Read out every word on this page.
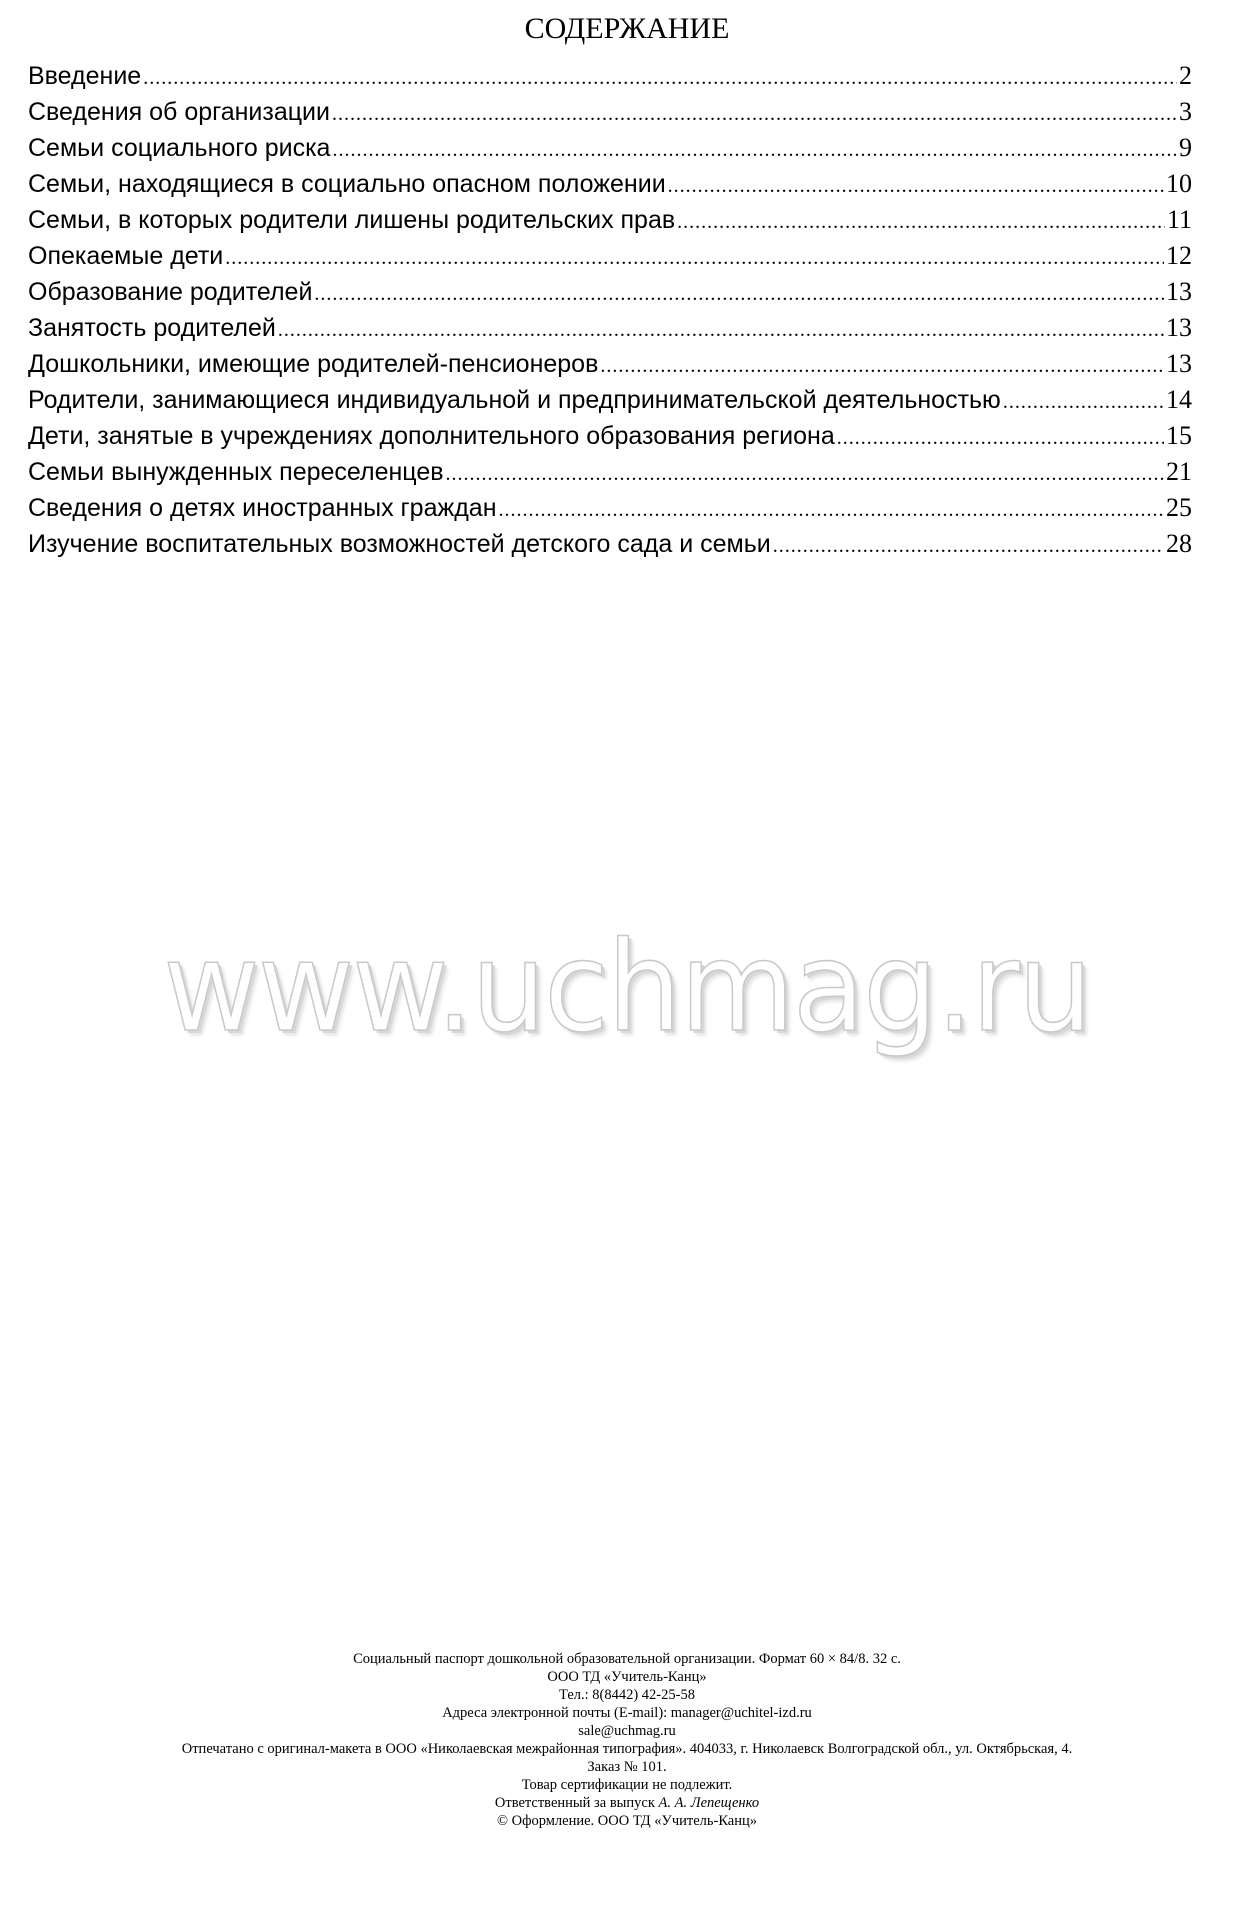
СОДЕРЖАНИЕ
Введение .....	2
Сведения об организации .....	3
Семьи социального риска .....	9
Семьи, находящиеся в социально опасном положении .....	10
Семьи, в которых родители лишены родительских прав .....	11
Опекаемые дети .....	12
Образование родителей .....	13
Занятость родителей .....	13
Дошкольники, имеющие родителей-пенсионеров .....	13
Родители, занимающиеся индивидуальной и предпринимательской деятельностью .....	14
Дети, занятые в учреждениях дополнительного образования региона .....	15
Семьи вынужденных переселенцев .....	21
Сведения о детях иностранных граждан .....	25
Изучение воспитательных возможностей детского сада и семьи .....	28
www.uchmag.ru
Социальный паспорт дошкольной образовательной организации. Формат 60 × 84/8. 32 с.
ООО ТД «Учитель-Канц»
Тел.: 8(8442) 42-25-58
Адреса электронной почты (E-mail): manager@uchitel-izd.ru
sale@uchmag.ru
Отпечатано с оригинал-макета в ООО «Николаевская межрайонная типография». 404033, г. Николаевск Волгоградской обл., ул. Октябрьская, 4.
Заказ № 101.
Товар сертификации не подлежит.
Ответственный за выпуск А. А. Лепещенко
© Оформление. ООО ТД «Учитель-Канц»
